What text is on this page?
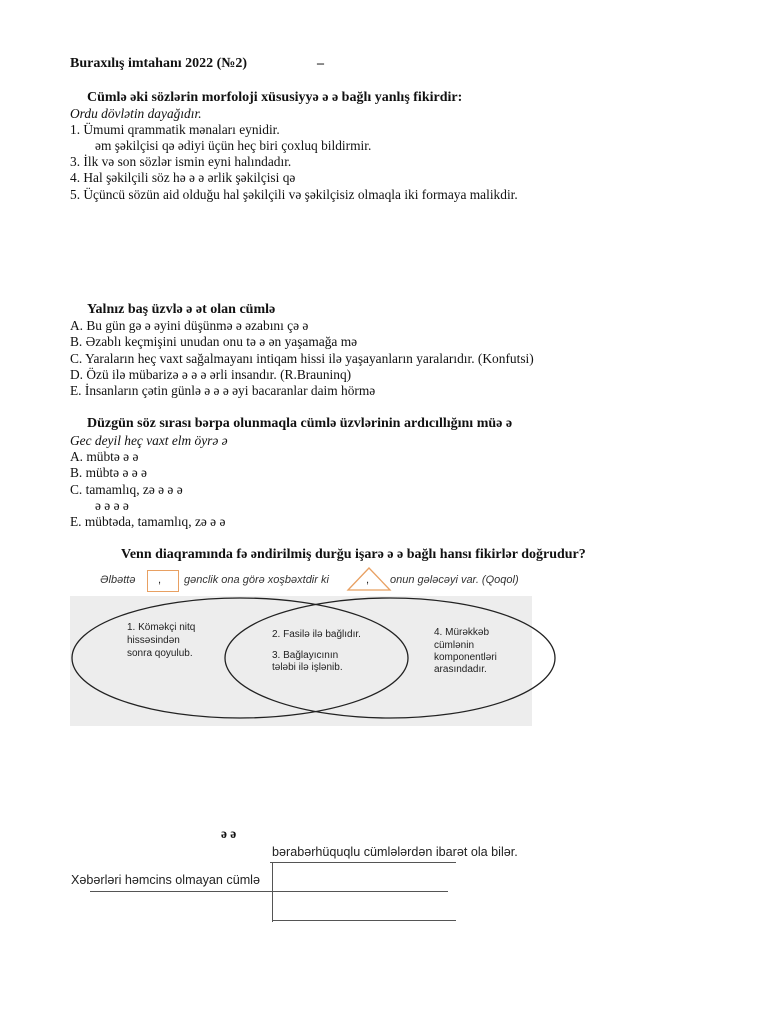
Buraxılış imtahanı 2022 (№2)	–
Cümlə əki sözlərin morfoloji xüsusiyyə ə ə bağlı yanlış fikirdir:
Ordu dövlətin dayağıdır.
1. Ümumi qrammatik mənaları eynidir.
əm şəkilçisi qə ədiyi üçün heç biri çoxluq bildirmir.
3. İlk və son sözlər ismin eyni halındadır.
4. Hal şəkilçili söz hə ə ə ərlik şəkilçisi qə
5. Üçüncü sözün aid olduğu hal şəkilçili və şəkilçisiz olmaqla iki formaya malikdir.
Yalnız baş üzvlə ə ət olan cümlə
A. Bu gün gə ə əyini düşünmə ə əzabını çə ə
B. Əzablı keçmişini unudan onu tə ə ən yaşamağa mə
C. Yaraların heç vaxt sağalmayanı intiqam hissi ilə yaşayanların yaralarıdır. (Konfutsi)
D. Özü ilə mübarizə ə ə ə ərli insandır. (R.Brauninq)
E. İnsanların çətin günlə ə ə ə əyi bacaranlar daim hörmə
Düzgün söz sırası bərpa olunmaqla cümlə üzvlərinin ardıcıllığını müə ə
Gec deyil heç vaxt elm öyrə ə
A. mübtə ə ə
B. mübtə ə ə ə
C. tamamlıq, zə ə ə ə
ə ə ə ə
E. mübtəda, tamamlıq, zə ə ə
Venn diaqramında fə əndirilmiş durğu işarə ə ə bağlı hansı fikirlər doğrudur?
Əlbəttə , gənclik ona görə xoşbəxtdir ki	, onun gələcəyi var. (Qoqol)
1. Köməkçi nitq
hissəsindən
sonra qoyulub.
2. Fasilə ilə bağlıdır.
3. Bağlayıcının
tələbi ilə işlənib.
4. Mürəkkəb
cümlənin
komponentləri
arasındadır.
ə ə
bərabərhüquqlu cümlələrdən ibarət ola bilər.
Xəbərləri həmcins olmayan cümlə
